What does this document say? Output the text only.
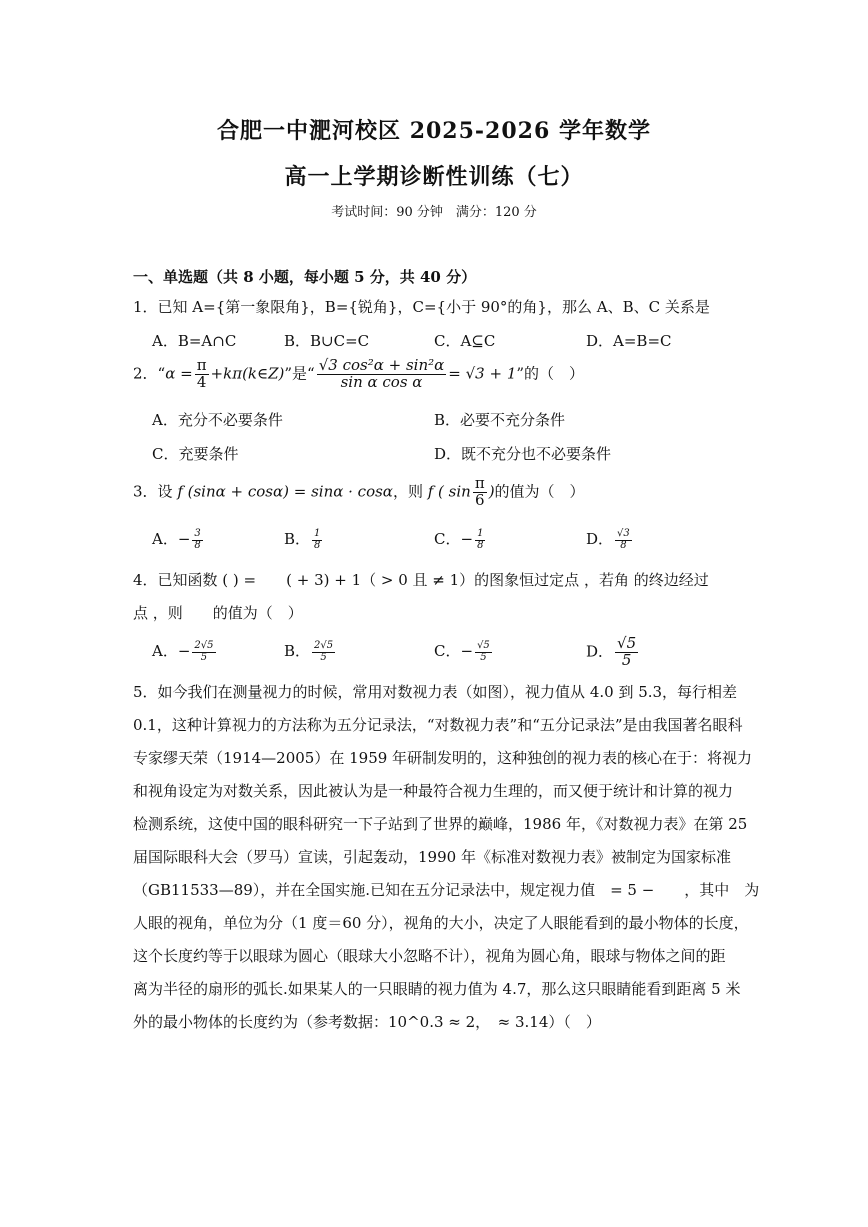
合肥一中淝河校区 2025-2026 学年数学
高一上学期诊断性训练（七）
考试时间：90 分钟　满分：120 分
一、单选题（共 8 小题，每小题 5 分，共 40 分）
1．已知 A={第一象限角}，B={锐角}，C={小于 90°的角}，那么 A、B、C 关系是
A．B=A∩C	B．B∪C=C	C．A⊆C	D．A=B=C
2．“$\alpha = \frac{\pi}{4}$ +kπ(k∈Z)”是“ $\frac{\text{√3 cos²α + sin²α}}{\text{sin α cos α}} = √3 + 1$”的（　）
A．充分不必要条件	B．必要不充分条件
C．充要条件	D．既不充分也不必要条件
3．设 f (sinα + cosα) = sinα · cosα，则 f ( $\sin \frac{\pi}{6}$ )的值为（　）
A．− $\frac{3}{8}$	B． $\frac{1}{8}$	C．− $\frac{1}{8}$	D． $\frac{√3}{8}$
4．已知函数 ( ) =　　( + 3) + 1（ > 0 且 ≠ 1）的图象恒过定点 ，若角 的终边经过
点 ，则　　的值为（　）
A．− $\frac{2√5}{5}$	B． $\frac{2√5}{5}$	C．− $\frac{√5}{5}$	D． $\frac{√5}{5}$
5．如今我们在测量视力的时候，常用对数视力表（如图），视力值从 4.0 到 5.3，每行相差
0.1，这种计算视力的方法称为五分记录法，“对数视力表”和“五分记录法”是由我国著名眼科
专家缪天荣（1914—2005）在 1959 年研制发明的，这种独创的视力表的核心在于：将视力
和视角设定为对数关系，因此被认为是一种最符合视力生理的，而又便于统计和计算的视力
检测系统，这使中国的眼科研究一下子站到了世界的巅峰，1986 年，《对数视力表》在第 25
届国际眼科大会（罗马）宣读，引起轰动，1990 年《标准对数视力表》被制定为国家标准
（GB11533—89），并在全国实施.已知在五分记录法中，规定视力值　= 5 −　　，其中　为
人眼的视角，单位为分（1 度＝60 分），视角的大小，决定了人眼能看到的最小物体的长度，
这个长度约等于以眼球为圆心（眼球大小忽略不计），视角为圆心角，眼球与物体之间的距
离为半径的扇形的弧长.如果某人的一只眼睛的视力值为 4.7，那么这只眼睛能看到距离 5 米
外的最小物体的长度约为（参考数据：10^0.3 ≈ 2，　≈ 3.14）（　）
